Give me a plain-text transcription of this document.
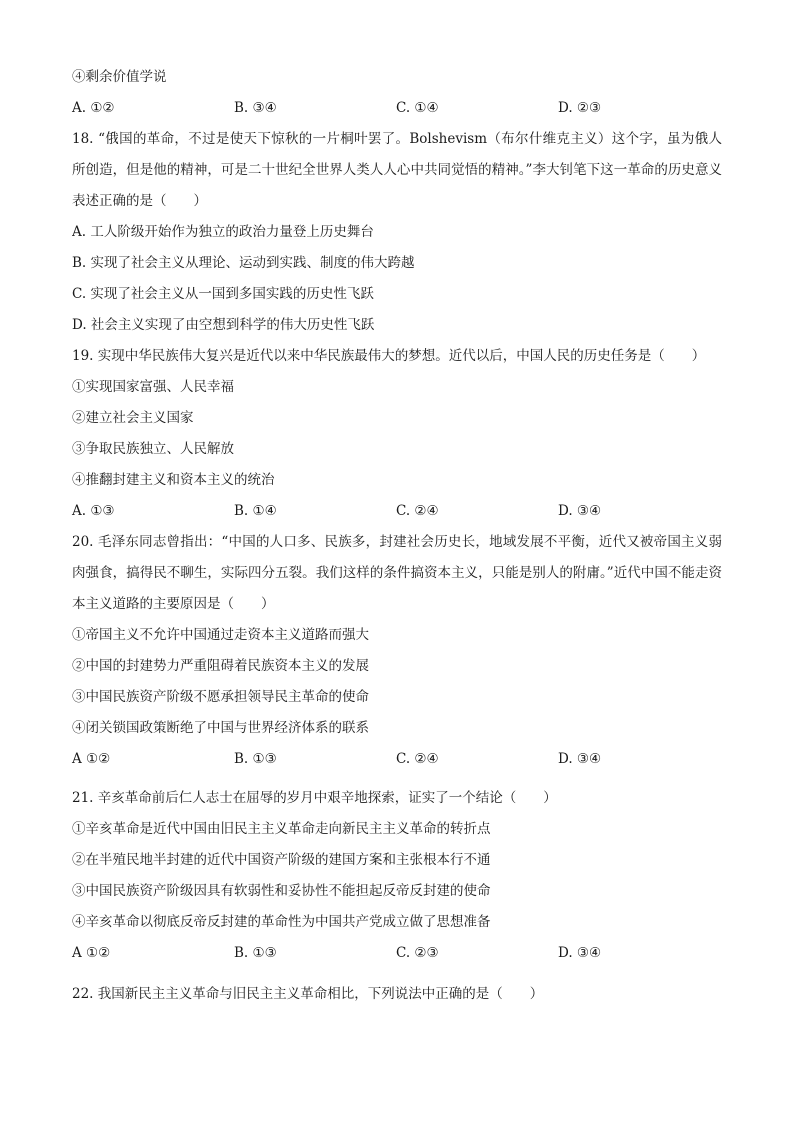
④剩余价值学说
A. ①②	B. ③④	C. ①④	D. ②③
18. “俄国的革命，不过是使天下惊秋的一片桐叶罢了。Bolshevism（布尔什维克主义）这个字，虽为俄人所创造，但是他的精神，可是二十世纪全世界人类人人心中共同觉悟的精神。”李大钊笔下这一革命的历史意义表述正确的是（　　）
A. 工人阶级开始作为独立的政治力量登上历史舞台
B. 实现了社会主义从理论、运动到实践、制度的伟大跨越
C. 实现了社会主义从一国到多国实践的历史性飞跃
D. 社会主义实现了由空想到科学的伟大历史性飞跃
19. 实现中华民族伟大复兴是近代以来中华民族最伟大的梦想。近代以后，中国人民的历史任务是（　　）
①实现国家富强、人民幸福
②建立社会主义国家
③争取民族独立、人民解放
④推翻封建主义和资本主义的统治
A. ①③	B. ①④	C. ②④	D. ③④
20. 毛泽东同志曾指出：“中国的人口多、民族多，封建社会历史长，地域发展不平衡，近代又被帝国主义弱肉强食，搞得民不聊生，实际四分五裂。我们这样的条件搞资本主义，只能是别人的附庸。”近代中国不能走资本主义道路的主要原因是（　　）
①帝国主义不允许中国通过走资本主义道路而强大
②中国的封建势力严重阻碍着民族资本主义的发展
③中国民族资产阶级不愿承担领导民主革命的使命
④闭关锁国政策断绝了中国与世界经济体系的联系
A ①②	B. ①③	C. ②④	D. ③④
21. 辛亥革命前后仁人志士在屈辱的岁月中艰辛地探索，证实了一个结论（　　）
①辛亥革命是近代中国由旧民主主义革命走向新民主主义革命的转折点
②在半殖民地半封建的近代中国资产阶级的建国方案和主张根本行不通
③中国民族资产阶级因具有软弱性和妥协性不能担起反帝反封建的使命
④辛亥革命以彻底反帝反封建的革命性为中国共产党成立做了思想准备
A ①②	B. ①③	C. ②③	D. ③④
22. 我国新民主主义革命与旧民主主义革命相比，下列说法中正确的是（　　）
